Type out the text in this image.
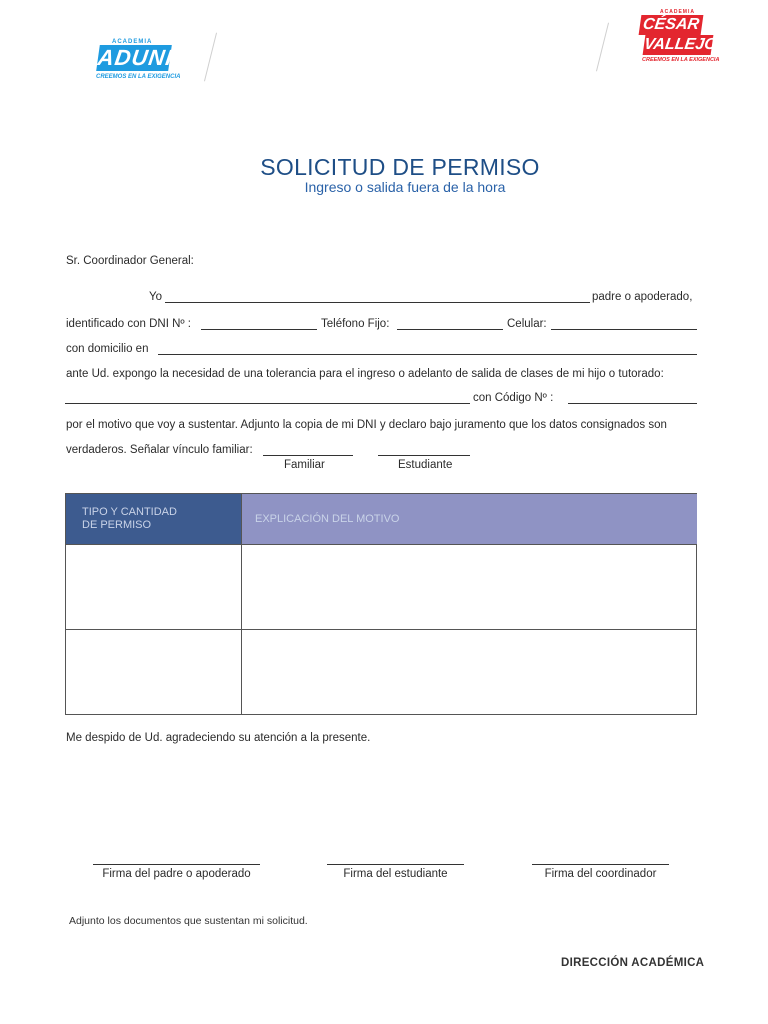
ACADEMIA
ADUNI
CREEMOS EN LA EXIGENCIA
ACADEMIA
CÉSAR
VALLEJO
CREEMOS EN LA EXIGENCIA
SOLICITUD DE PERMISO
Ingreso o salida fuera de la hora
Sr. Coordinador General:
Yo	padre o apoderado,
identificado con DNI Nº :	Teléfono Fijo:	Celular:
con domicilio en
ante Ud. expongo la necesidad de una tolerancia para el ingreso o adelanto de salida de clases de mi hijo o tutorado:
con Código Nº :
por el motivo que voy a sustentar. Adjunto la copia de mi DNI y declaro bajo juramento que los datos consignados son
verdaderos. Señalar vínculo familiar:
Familiar	Estudiante
TIPO Y CANTIDAD
DE PERMISO	EXPLICACIÓN DEL MOTIVO
Me despido de Ud. agradeciendo su atención a la presente.
Firma del padre o apoderado	Firma del estudiante	Firma del coordinador
Adjunto los documentos que sustentan mi solicitud.
DIRECCIÓN ACADÉMICA
